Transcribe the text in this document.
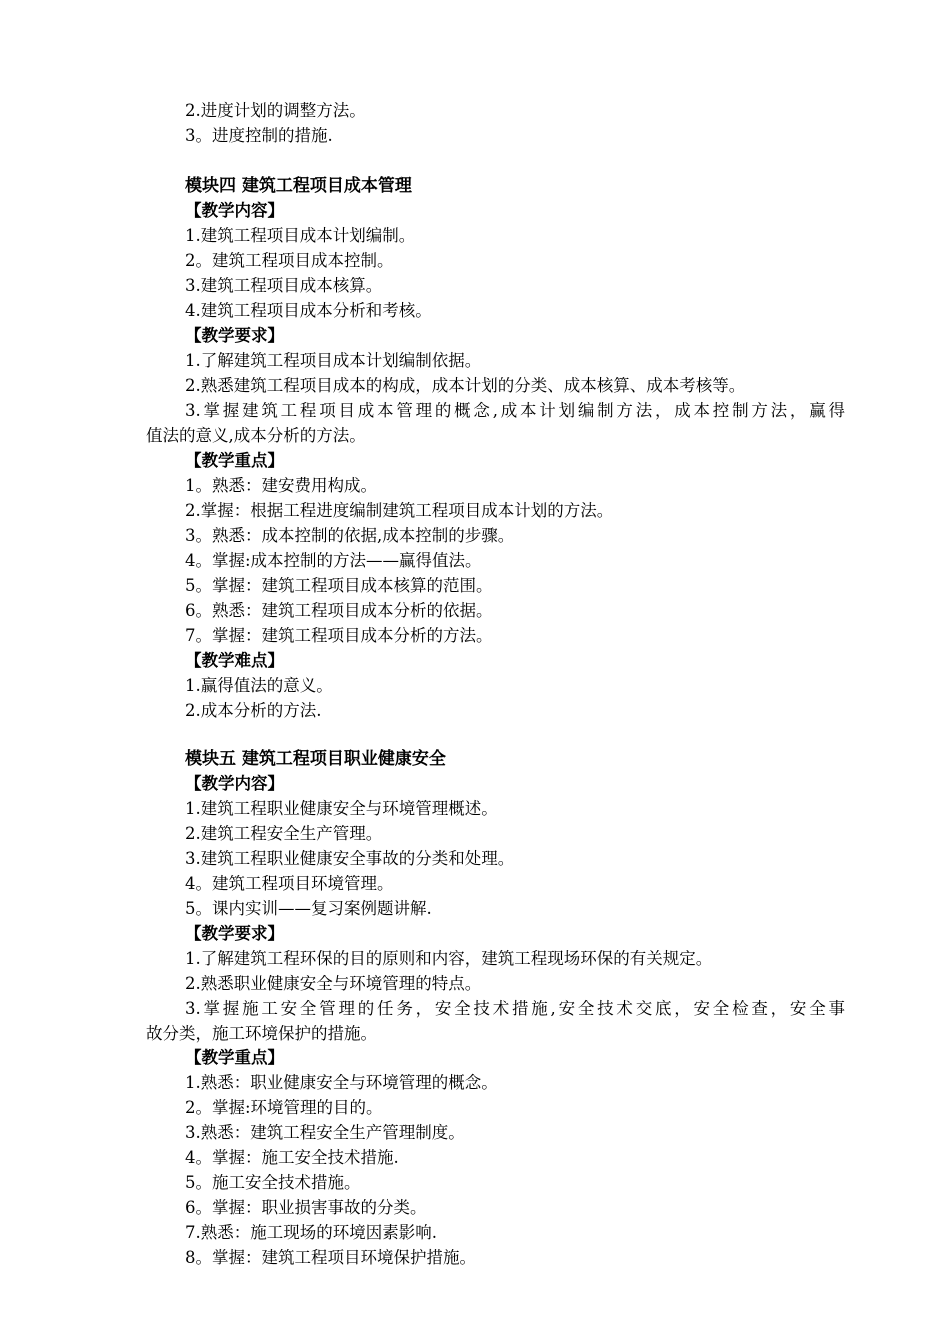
2.进度计划的调整方法。
3。进度控制的措施.
模块四 建筑工程项目成本管理
【教学内容】
1.建筑工程项目成本计划编制。
2。建筑工程项目成本控制。
3.建筑工程项目成本核算。
4.建筑工程项目成本分析和考核。
【教学要求】
1.了解建筑工程项目成本计划编制依据。
2.熟悉建筑工程项目成本的构成，成本计划的分类、成本核算、成本考核等。
3.掌握建筑工程项目成本管理的概念,成本计划编制方法，成本控制方法，赢得
值法的意义,成本分析的方法。
【教学重点】
1。熟悉：建安费用构成。
2.掌握：根据工程进度编制建筑工程项目成本计划的方法。
3。熟悉：成本控制的依据,成本控制的步骤。
4。掌握:成本控制的方法——赢得值法。
5。掌握：建筑工程项目成本核算的范围。
6。熟悉：建筑工程项目成本分析的依据。
7。掌握：建筑工程项目成本分析的方法。
【教学难点】
1.赢得值法的意义。
2.成本分析的方法.
模块五 建筑工程项目职业健康安全
【教学内容】
1.建筑工程职业健康安全与环境管理概述。
2.建筑工程安全生产管理。
3.建筑工程职业健康安全事故的分类和处理。
4。建筑工程项目环境管理。
5。课内实训——复习案例题讲解.
【教学要求】
1.了解建筑工程环保的目的原则和内容，建筑工程现场环保的有关规定。
2.熟悉职业健康安全与环境管理的特点。
3.掌握施工安全管理的任务，安全技术措施,安全技术交底，安全检查，安全事
故分类，施工环境保护的措施。
【教学重点】
1.熟悉：职业健康安全与环境管理的概念。
2。掌握:环境管理的目的。
3.熟悉：建筑工程安全生产管理制度。
4。掌握：施工安全技术措施.
5。施工安全技术措施。
6。掌握：职业损害事故的分类。
7.熟悉：施工现场的环境因素影响.
8。掌握：建筑工程项目环境保护措施。
